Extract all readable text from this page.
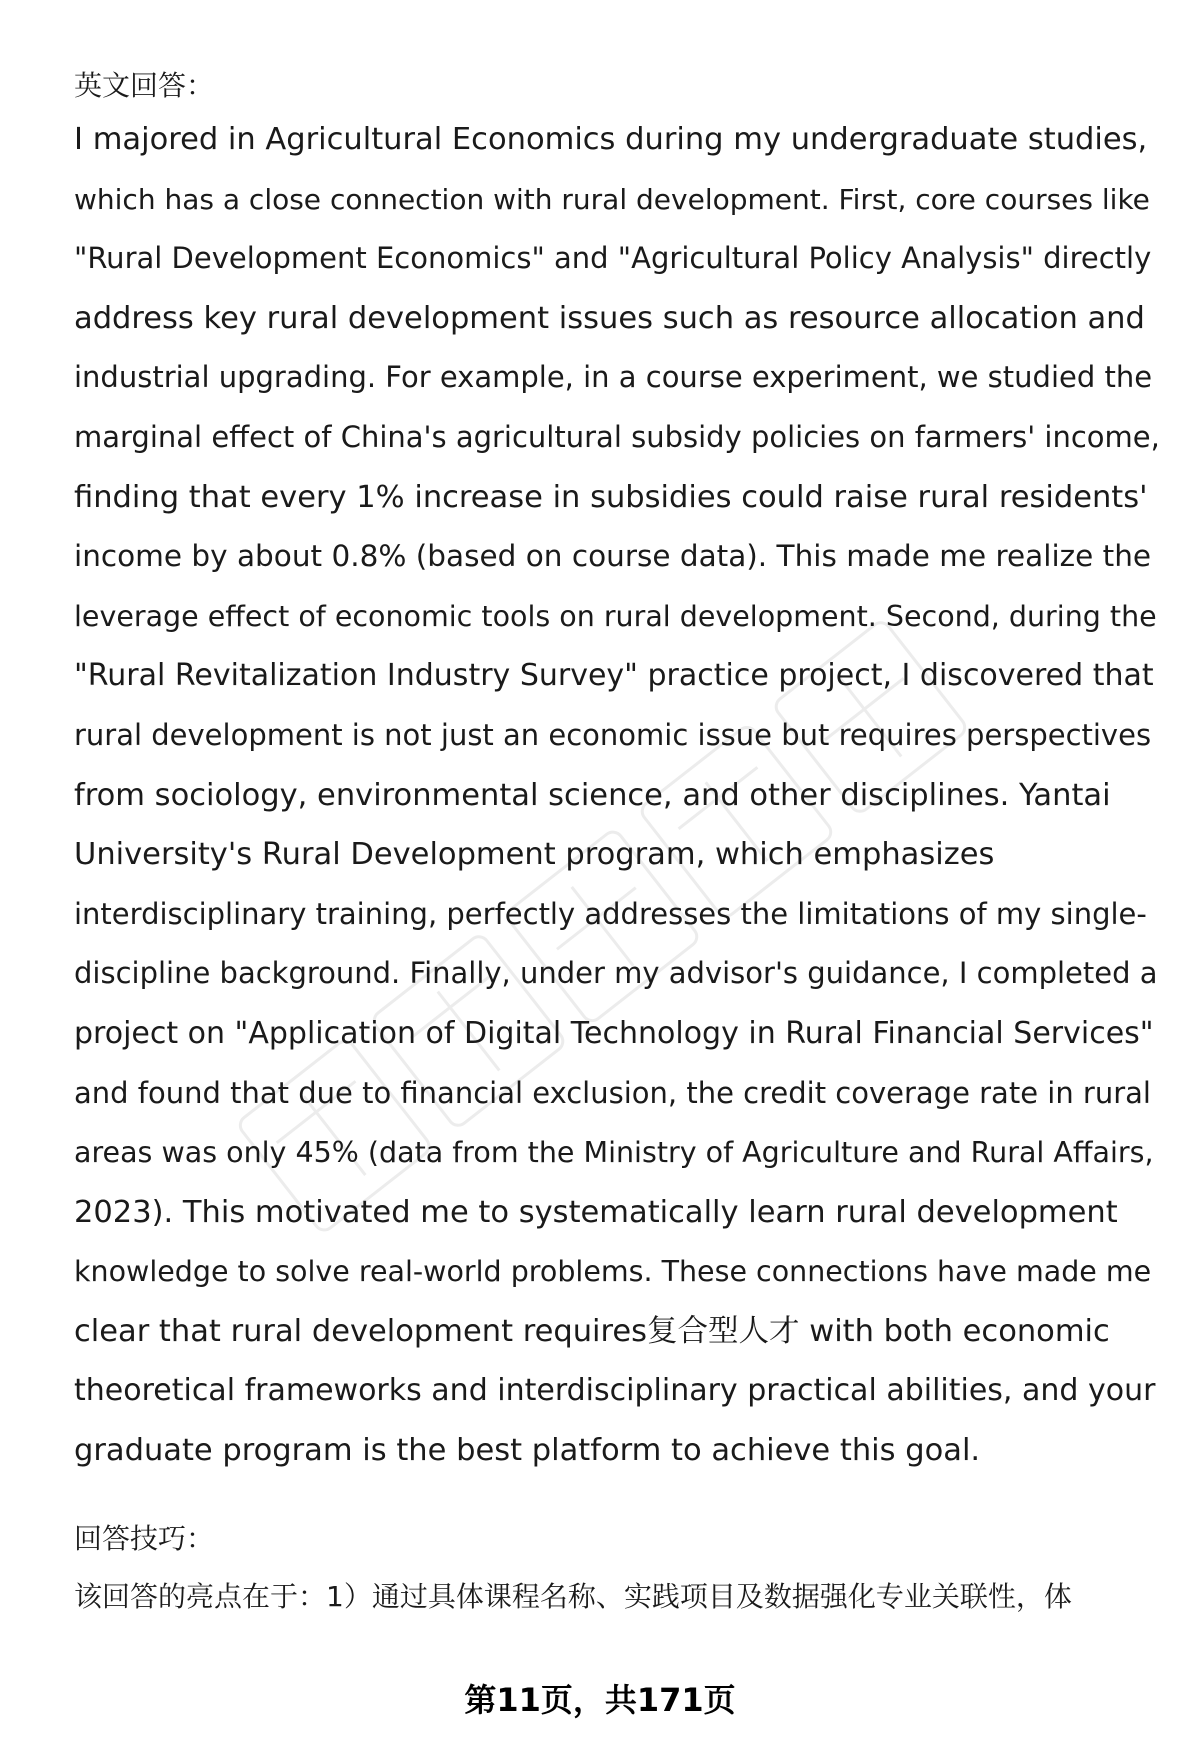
英文回答：
I majored in Agricultural Economics during my undergraduate studies,
which has a close connection with rural development. First, core courses like
"Rural Development Economics" and "Agricultural Policy Analysis" directly
address key rural development issues such as resource allocation and
industrial upgrading. For example, in a course experiment, we studied the
marginal effect of China's agricultural subsidy policies on farmers' income,
finding that every 1% increase in subsidies could raise rural residents'
income by about 0.8% (based on course data). This made me realize the
leverage effect of economic tools on rural development. Second, during the
"Rural Revitalization Industry Survey" practice project, I discovered that
rural development is not just an economic issue but requires perspectives
from sociology, environmental science, and other disciplines. Yantai
University's Rural Development program, which emphasizes
interdisciplinary training, perfectly addresses the limitations of my single-
discipline background. Finally, under my advisor's guidance, I completed a
project on "Application of Digital Technology in Rural Financial Services"
and found that due to financial exclusion, the credit coverage rate in rural
areas was only 45% (data from the Ministry of Agriculture and Rural Affairs,
2023). This motivated me to systematically learn rural development
knowledge to solve real-world problems. These connections have made me
clear that rural development requires复合型人才 with both economic
theoretical frameworks and interdisciplinary practical abilities, and your
graduate program is the best platform to achieve this goal.
回答技巧：
该回答的亮点在于：1）通过具体课程名称、实践项目及数据强化专业关联性，体
第11页，共171页
